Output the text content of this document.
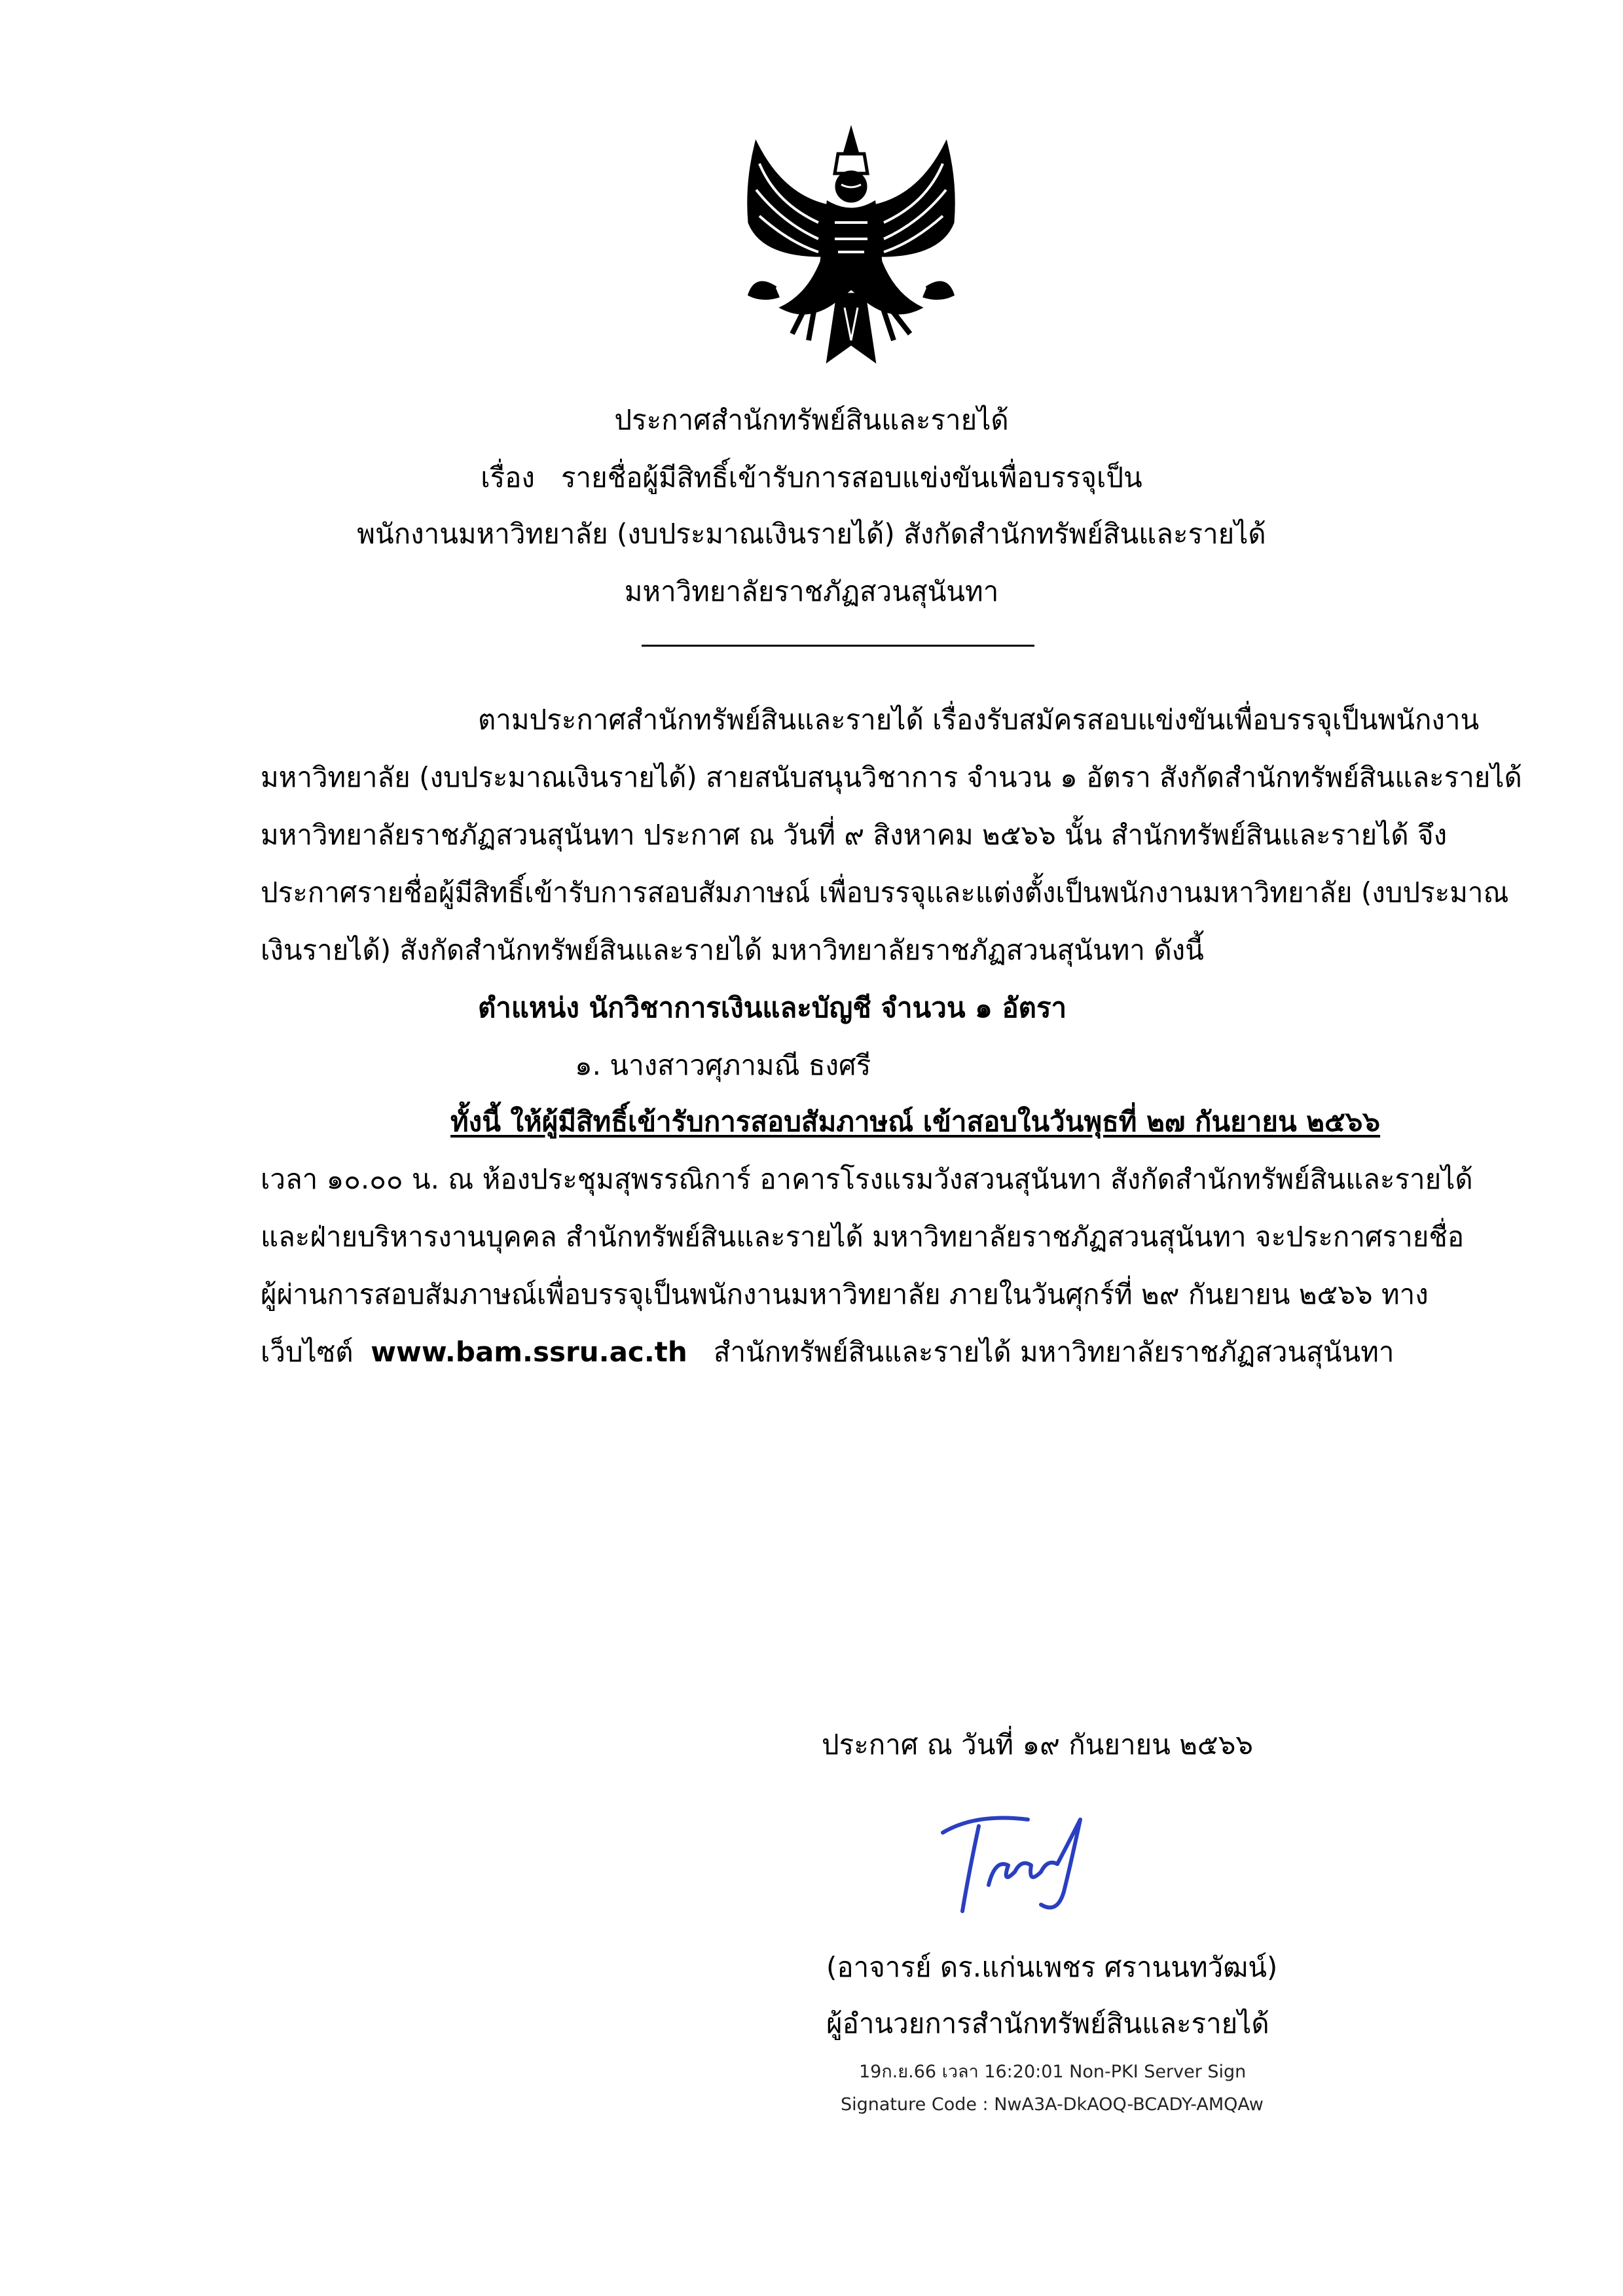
ประกาศสำนักทรัพย์สินและรายได้
เรื่อง รายชื่อผู้มีสิทธิ์เข้ารับการสอบแข่งขันเพื่อบรรจุเป็น
พนักงานมหาวิทยาลัย (งบประมาณเงินรายได้) สังกัดสำนักทรัพย์สินและรายได้
มหาวิทยาลัยราชภัฏสวนสุนันทา
ตามประกาศสำนักทรัพย์สินและรายได้ เรื่องรับสมัครสอบแข่งขันเพื่อบรรจุเป็นพนักงาน
มหาวิทยาลัย (งบประมาณเงินรายได้) สายสนับสนุนวิชาการ จำนวน ๑ อัตรา สังกัดสำนักทรัพย์สินและรายได้
มหาวิทยาลัยราชภัฏสวนสุนันทา ประกาศ ณ วันที่ ๙ สิงหาคม ๒๕๖๖ นั้น สำนักทรัพย์สินและรายได้ จึง
ประกาศรายชื่อผู้มีสิทธิ์เข้ารับการสอบสัมภาษณ์ เพื่อบรรจุและแต่งตั้งเป็นพนักงานมหาวิทยาลัย (งบประมาณ
เงินรายได้) สังกัดสำนักทรัพย์สินและรายได้ มหาวิทยาลัยราชภัฏสวนสุนันทา ดังนี้
ตำแหน่ง นักวิชาการเงินและบัญชี จำนวน ๑ อัตรา
๑. นางสาวศุภามณี ธงศรี
ทั้งนี้ ให้ผู้มีสิทธิ์เข้ารับการสอบสัมภาษณ์ เข้าสอบในวันพุธที่ ๒๗ กันยายน ๒๕๖๖
เวลา ๑๐.๐๐ น. ณ ห้องประชุมสุพรรณิการ์ อาคารโรงแรมวังสวนสุนันทา สังกัดสำนักทรัพย์สินและรายได้
และฝ่ายบริหารงานบุคคล สำนักทรัพย์สินและรายได้ มหาวิทยาลัยราชภัฏสวนสุนันทา จะประกาศรายชื่อ
ผู้ผ่านการสอบสัมภาษณ์เพื่อบรรจุเป็นพนักงานมหาวิทยาลัย ภายในวันศุกร์ที่ ๒๙ กันยายน ๒๕๖๖ ทาง
เว็บไซต์ www.bam.ssru.ac.th สำนักทรัพย์สินและรายได้ มหาวิทยาลัยราชภัฏสวนสุนันทา
ประกาศ ณ วันที่ ๑๙ กันยายน ๒๕๖๖
(อาจารย์ ดร.แก่นเพชร ศรานนทวัฒน์)
ผู้อำนวยการสำนักทรัพย์สินและรายได้
19ก.ย.66 เวลา 16:20:01 Non-PKI Server Sign
Signature Code : NwA3A-DkAOQ-BCADY-AMQAw
